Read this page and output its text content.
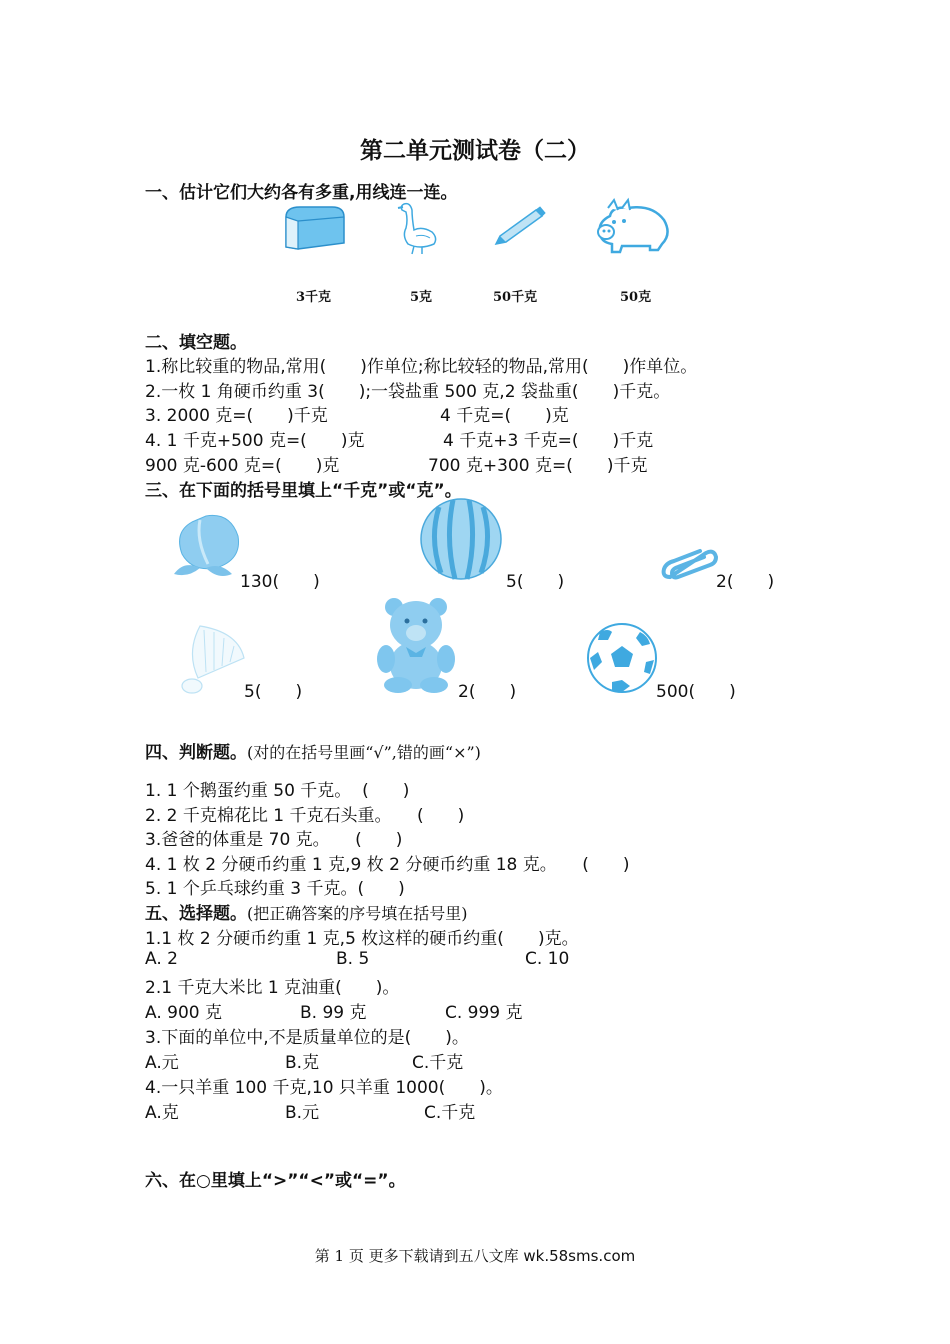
第二单元测试卷（二）
一、估计它们大约各有多重,用线连一连。
3千克	5克	50千克	50克
二、填空题。
1.称比较重的物品,常用(　　)作单位;称比较轻的物品,常用(　　)作单位。
2.一枚 1 角硬币约重 3(　　);一袋盐重 500 克,2 袋盐重(　　)千克。
3. 2000 克=(　　)千克	4 千克=(　　)克
4. 1 千克+500 克=(　　)克	4 千克+3 千克=(　　)千克
900 克-600 克=(　　)克	700 克+300 克=(　　)千克
三、在下面的括号里填上“千克”或“克”。
130(　　)	5(　　)	2(　　)
5(　　)	2(　　)	500(　　)
四、判断题。(对的在括号里画“√”,错的画“×”)
1. 1 个鹅蛋约重 50 千克。  (　　)
2. 2 千克棉花比 1 千克石头重。　　(　　)
3.爸爸的体重是 70 克。　　(　　)
4. 1 枚 2 分硬币约重 1 克,9 枚 2 分硬币约重 18 克。　　(　　)
5. 1 个乒乓球约重 3 千克。(　　)
五、选择题。(把正确答案的序号填在括号里)
1.1 枚 2 分硬币约重 1 克,5 枚这样的硬币约重(　　)克。
A. 2	B. 5	C. 10
2.1 千克大米比 1 克油重(　　)。
A. 900 克	B. 99 克	C. 999 克
3.下面的单位中,不是质量单位的是(　　)。
A.元	B.克	C.千克
4.一只羊重 100 千克,10 只羊重 1000(　　)。
A.克	B.元	C.千克
六、在○里填上“>”“<”或“=”。
第 1 页 更多下载请到五八文库 wk.58sms.com
